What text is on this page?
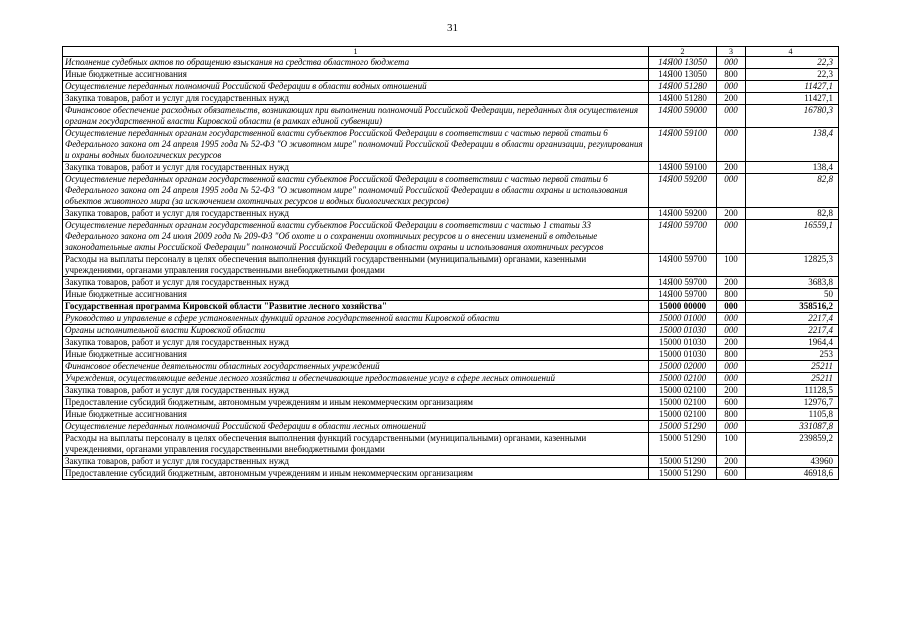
31
1	2	3	4
Исполнение судебных актов по обращению взыскания на средства областного бюджета	14Я00 13050	000	22,3
Иные бюджетные ассигнования	14Я00 13050	800	22,3
Осуществление переданных полномочий Российской Федерации в области водных отношений	14Я00 51280	000	11427,1
Закупка товаров, работ и услуг для государственных нужд	14Я00 51280	200	11427,1
Финансовое обеспечение расходных обязательств, возникающих при выполнении полномочий Российской Федерации, переданных для осуществления органам государственной власти Кировской области (в рамках единой субвенции)	14Я00 59000	000	16780,3
Осуществление переданных органам государственной власти субъектов Российской Федерации в соответствии с частью первой статьи 6 Федерального закона от 24 апреля 1995 года № 52-ФЗ "О животном мире" полномочий Российской Федерации в области организации, регулирования и охраны водных биологических ресурсов	14Я00 59100	000	138,4
Закупка товаров, работ и услуг для государственных нужд	14Я00 59100	200	138,4
Осуществление переданных органам государственной власти субъектов Российской Федерации в соответствии с частью первой статьи 6 Федерального закона от 24 апреля 1995 года № 52-ФЗ "О животном мире" полномочий Российской Федерации в области охраны и использования объектов животного мира (за исключением охотничьих ресурсов и водных биологических ресурсов)	14Я00 59200	000	82,8
Закупка товаров, работ и услуг для государственных нужд	14Я00 59200	200	82,8
Осуществление переданных органам государственной власти субъектов Российской Федерации в соответствии с частью 1 статьи 33 Федерального закона от 24 июля 2009 года № 209-ФЗ "Об охоте и о сохранении охотничьих ресурсов и о внесении изменений в отдельные законодательные акты Российской Федерации" полномочий Российской Федерации в области охраны и использования охотничьих ресурсов	14Я00 59700	000	16559,1
Расходы на выплаты персоналу в целях обеспечения выполнения функций государственными (муниципальными) органами, казенными учреждениями, органами управления государственными внебюджетными фондами	14Я00 59700	100	12825,3
Закупка товаров, работ и услуг для государственных нужд	14Я00 59700	200	3683,8
Иные бюджетные ассигнования	14Я00 59700	800	50
Государственная программа Кировской области "Развитие лесного хозяйства"	15000 00000	000	358516,2
Руководство и управление в сфере установленных функций органов государственной власти Кировской области	15000 01000	000	2217,4
Органы исполнительной власти Кировской области	15000 01030	000	2217,4
Закупка товаров, работ и услуг для государственных нужд	15000 01030	200	1964,4
Иные бюджетные ассигнования	15000 01030	800	253
Финансовое обеспечение деятельности областных государственных учреждений	15000 02000	000	25211
Учреждения, осуществляющие ведение лесного хозяйства и обеспечивающие предоставление услуг в сфере лесных отношений	15000 02100	000	25211
Закупка товаров, работ и услуг для государственных нужд	15000 02100	200	11128,5
Предоставление субсидий бюджетным, автономным учреждениям и иным некоммерческим организациям	15000 02100	600	12976,7
Иные бюджетные ассигнования	15000 02100	800	1105,8
Осуществление переданных полномочий Российской Федерации в области лесных отношений	15000 51290	000	331087,8
Расходы на выплаты персоналу в целях обеспечения выполнения функций государственными (муниципальными) органами, казенными учреждениями, органами управления государственными внебюджетными фондами	15000 51290	100	239859,2
Закупка товаров, работ и услуг для государственных нужд	15000 51290	200	43960
Предоставление субсидий бюджетным, автономным учреждениям и иным некоммерческим организациям	15000 51290	600	46918,6
